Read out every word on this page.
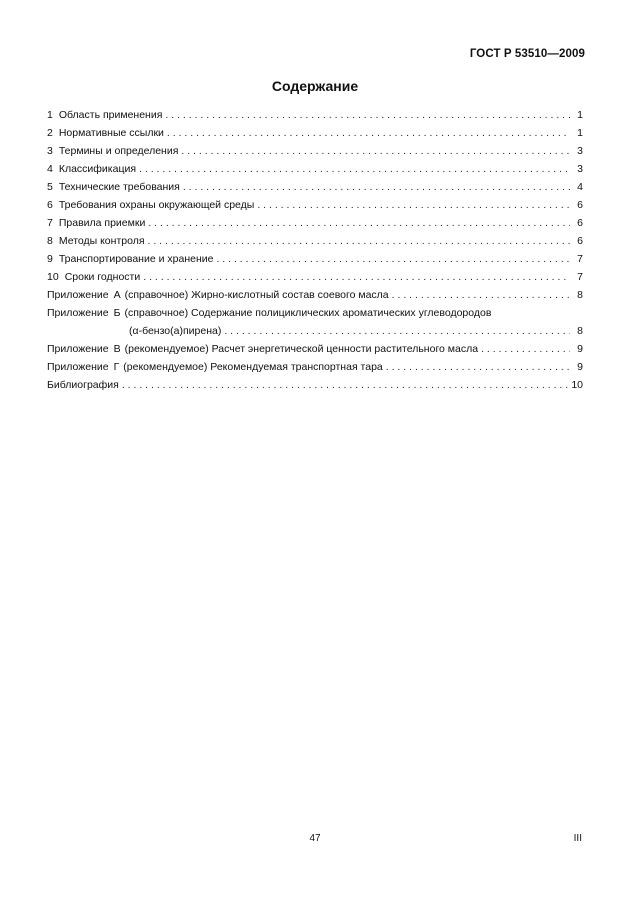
ГОСТ Р 53510—2009
Содержание
1 Область применения . . .	1
2 Нормативные ссылки . . .	1
3 Термины и определения . . .	3
4 Классификация . . .	3
5 Технические требования . . .	4
6 Требования охраны окружающей среды . . .	6
7 Правила приемки . . .	6
8 Методы контроля . . .	6
9 Транспортирование и хранение . . .	7
10 Сроки годности . . .	7
Приложение А (справочное) Жирно-кислотный состав соевого масла . . .	8
Приложение Б (справочное) Содержание полициклических ароматических углеводородов
(α-бензо(а)пирена) . . .	8
Приложение В (рекомендуемое) Расчет энергетической ценности растительного масла . . .	9
Приложение Г (рекомендуемое) Рекомендуемая транспортная тара . . .	9
Библиография . . .	10
47	III
